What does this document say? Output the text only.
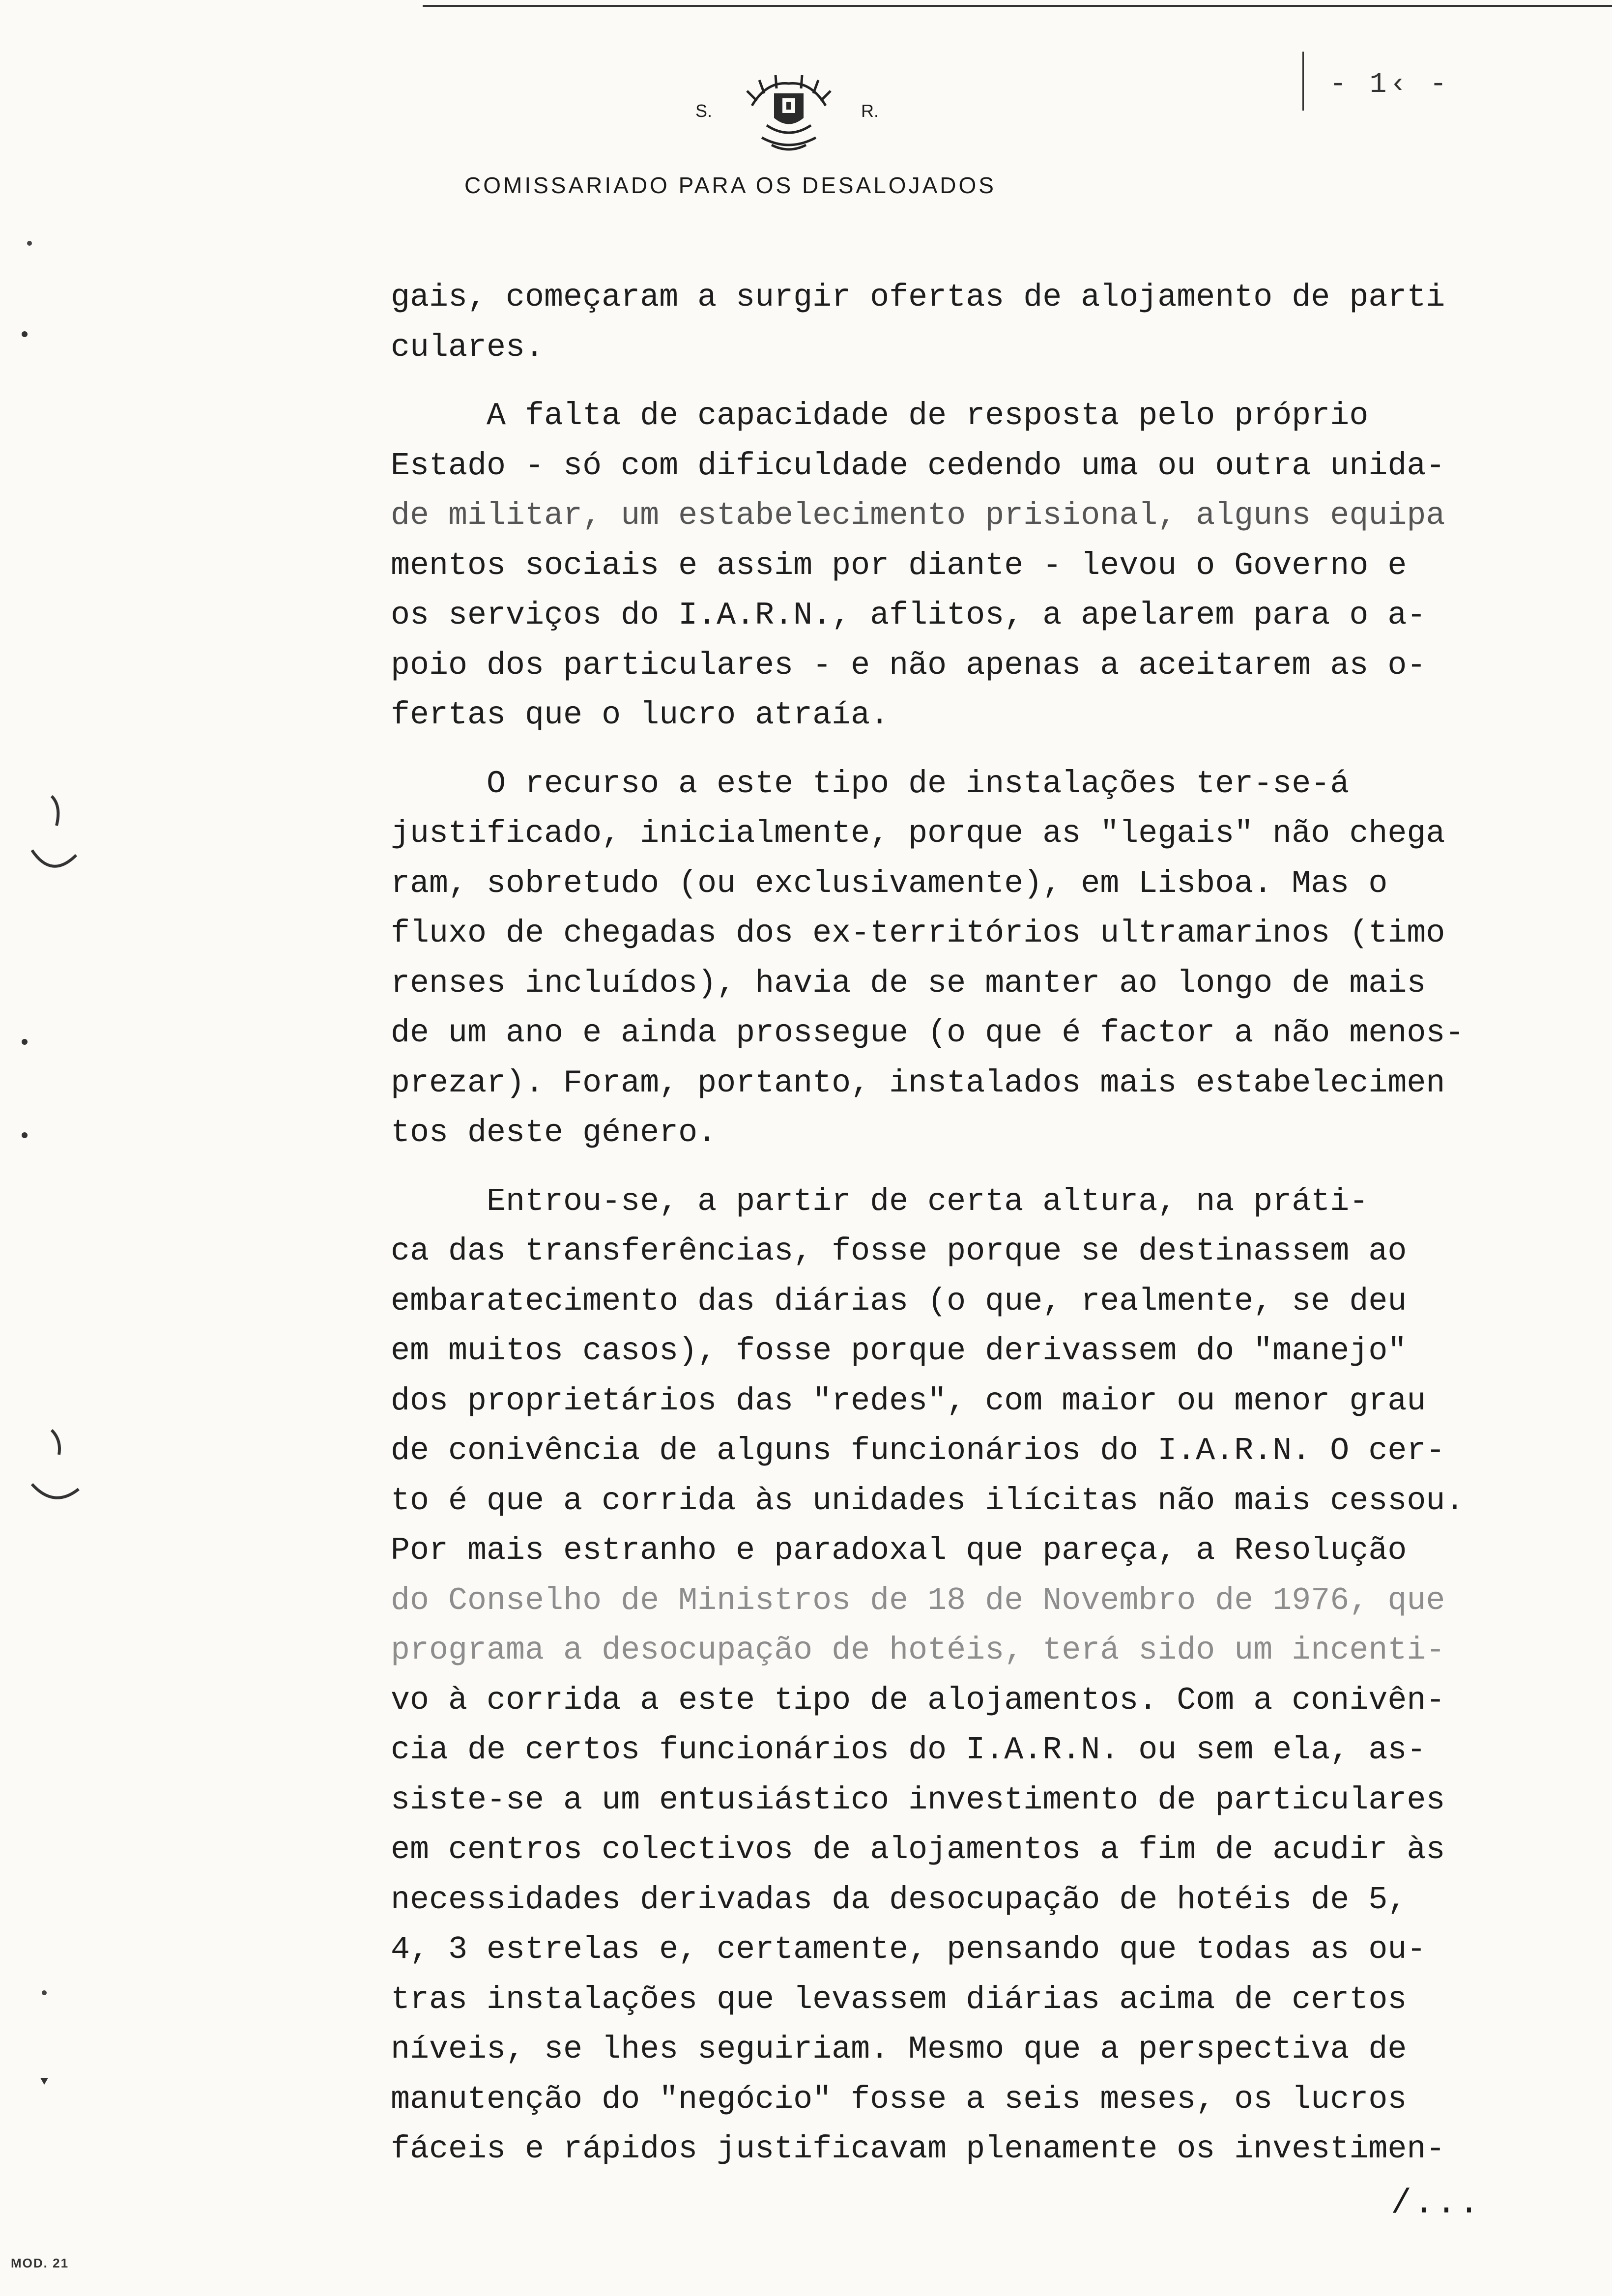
S.	R.
- 1‹ -
COMISSARIADO PARA OS DESALOJADOS
gais, começaram a surgir ofertas de alojamento de parti
culares.
A falta de capacidade de resposta pelo próprio
Estado - só com dificuldade cedendo uma ou outra unida-
de militar, um estabelecimento prisional, alguns equipa
mentos sociais e assim por diante - levou o Governo e
os serviços do I.A.R.N., aflitos, a apelarem para o a-
poio dos particulares - e não apenas a aceitarem as o-
fertas que o lucro atraía.
O recurso a este tipo de instalações ter-se-á
justificado, inicialmente, porque as "legais" não chega
ram, sobretudo (ou exclusivamente), em Lisboa. Mas o
fluxo de chegadas dos ex-territórios ultramarinos (timo
renses incluídos), havia de se manter ao longo de mais
de um ano e ainda prossegue (o que é factor a não menos-
prezar). Foram, portanto, instalados mais estabelecimen
tos deste género.
Entrou-se, a partir de certa altura, na práti-
ca das transferências, fosse porque se destinassem ao
embaratecimento das diárias (o que, realmente, se deu
em muitos casos), fosse porque derivassem do "manejo"
dos proprietários das "redes", com maior ou menor grau
de conivência de alguns funcionários do I.A.R.N. O cer-
to é que a corrida às unidades ilícitas não mais cessou.
Por mais estranho e paradoxal que pareça, a Resolução
do Conselho de Ministros de 18 de Novembro de 1976, que
programa a desocupação de hotéis, terá sido um incenti-
vo à corrida a este tipo de alojamentos. Com a conivên-
cia de certos funcionários do I.A.R.N. ou sem ela, as-
siste-se a um entusiástico investimento de particulares
em centros colectivos de alojamentos a fim de acudir às
necessidades derivadas da desocupação de hotéis de 5,
4, 3 estrelas e, certamente, pensando que todas as ou-
tras instalações que levassem diárias acima de certos
níveis, se lhes seguiriam. Mesmo que a perspectiva de
manutenção do "negócio" fosse a seis meses, os lucros
fáceis e rápidos justificavam plenamente os investimen-
/...
MOD. 21
